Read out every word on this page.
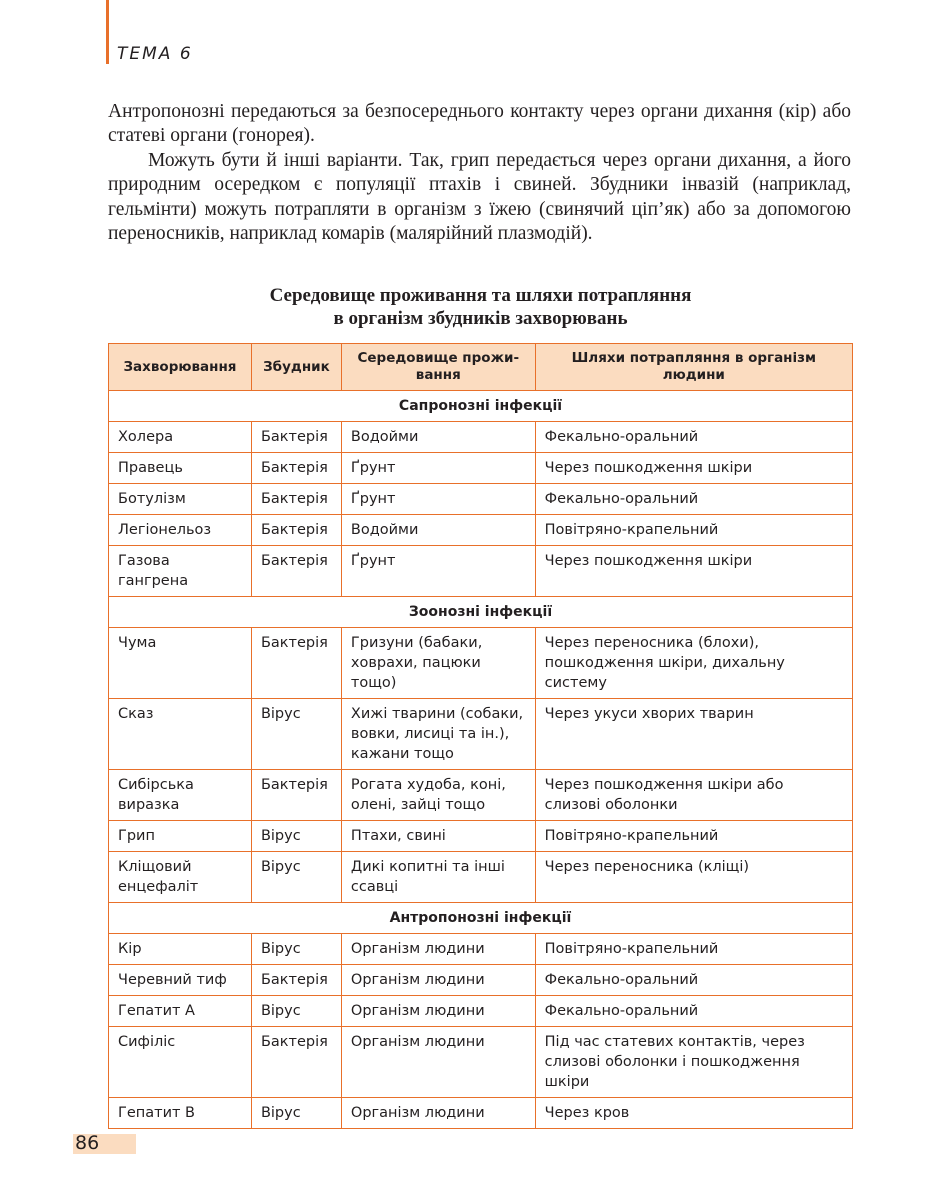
ТЕМА 6

Антропонозні передаються за безпосереднього контакту через органи дихання (кір) або статеві органи (гонорея).

Можуть бути й інші варіанти. Так, грип передається через органи дихання, а його природним осередком є популяції птахів і свиней. Збудники інвазій (наприклад, гельмінти) можуть потрапляти в організм з їжею (свинячий ціп’як) або за допомогою переносників, наприклад комарів (малярійний плазмодій).

Середовище проживання та шляхи потрапляння
в організм збудників захворювань
Захворювання	Збудник	Середовище прожи-вання	Шляхи потрапляння в організм людини
Сапронозні інфекції			
Холера	Бактерія	Водойми	Фекально-оральний
Правець	Бактерія	Ґрунт	Через пошкодження шкіри
Ботулізм	Бактерія	Ґрунт	Фекально-оральний
Легіонельоз	Бактерія	Водойми	Повітряно-крапельний
Газова гангрена	Бактерія	Ґрунт	Через пошкодження шкіри
Зоонозні інфекції			
Чума	Бактерія	Гризуни (бабаки, ховрахи, пацюки тощо)	Через переносника (блохи), пошкодження шкіри, дихальну систему
Сказ	Вірус	Хижі тварини (собаки, вовки, лисиці та ін.), кажани тощо	Через укуси хворих тварин
Сибірська виразка	Бактерія	Рогата худоба, коні, олені, зайці тощо	Через пошкодження шкіри або слизові оболонки
Грип	Вірус	Птахи, свині	Повітряно-крапельний
Кліщовий енцефаліт	Вірус	Дикі копитні та інші ссавці	Через переносника (кліщі)
Антропонозні інфекції			
Кір	Вірус	Організм людини	Повітряно-крапельний
Черевний тиф	Бактерія	Організм людини	Фекально-оральний
Гепатит А	Вірус	Організм людини	Фекально-оральний
Сифіліс	Бактерія	Організм людини	Під час статевих контактів, через слизові оболонки і пошкодження шкіри
Гепатит В	Вірус	Організм людини	Через кров
86
